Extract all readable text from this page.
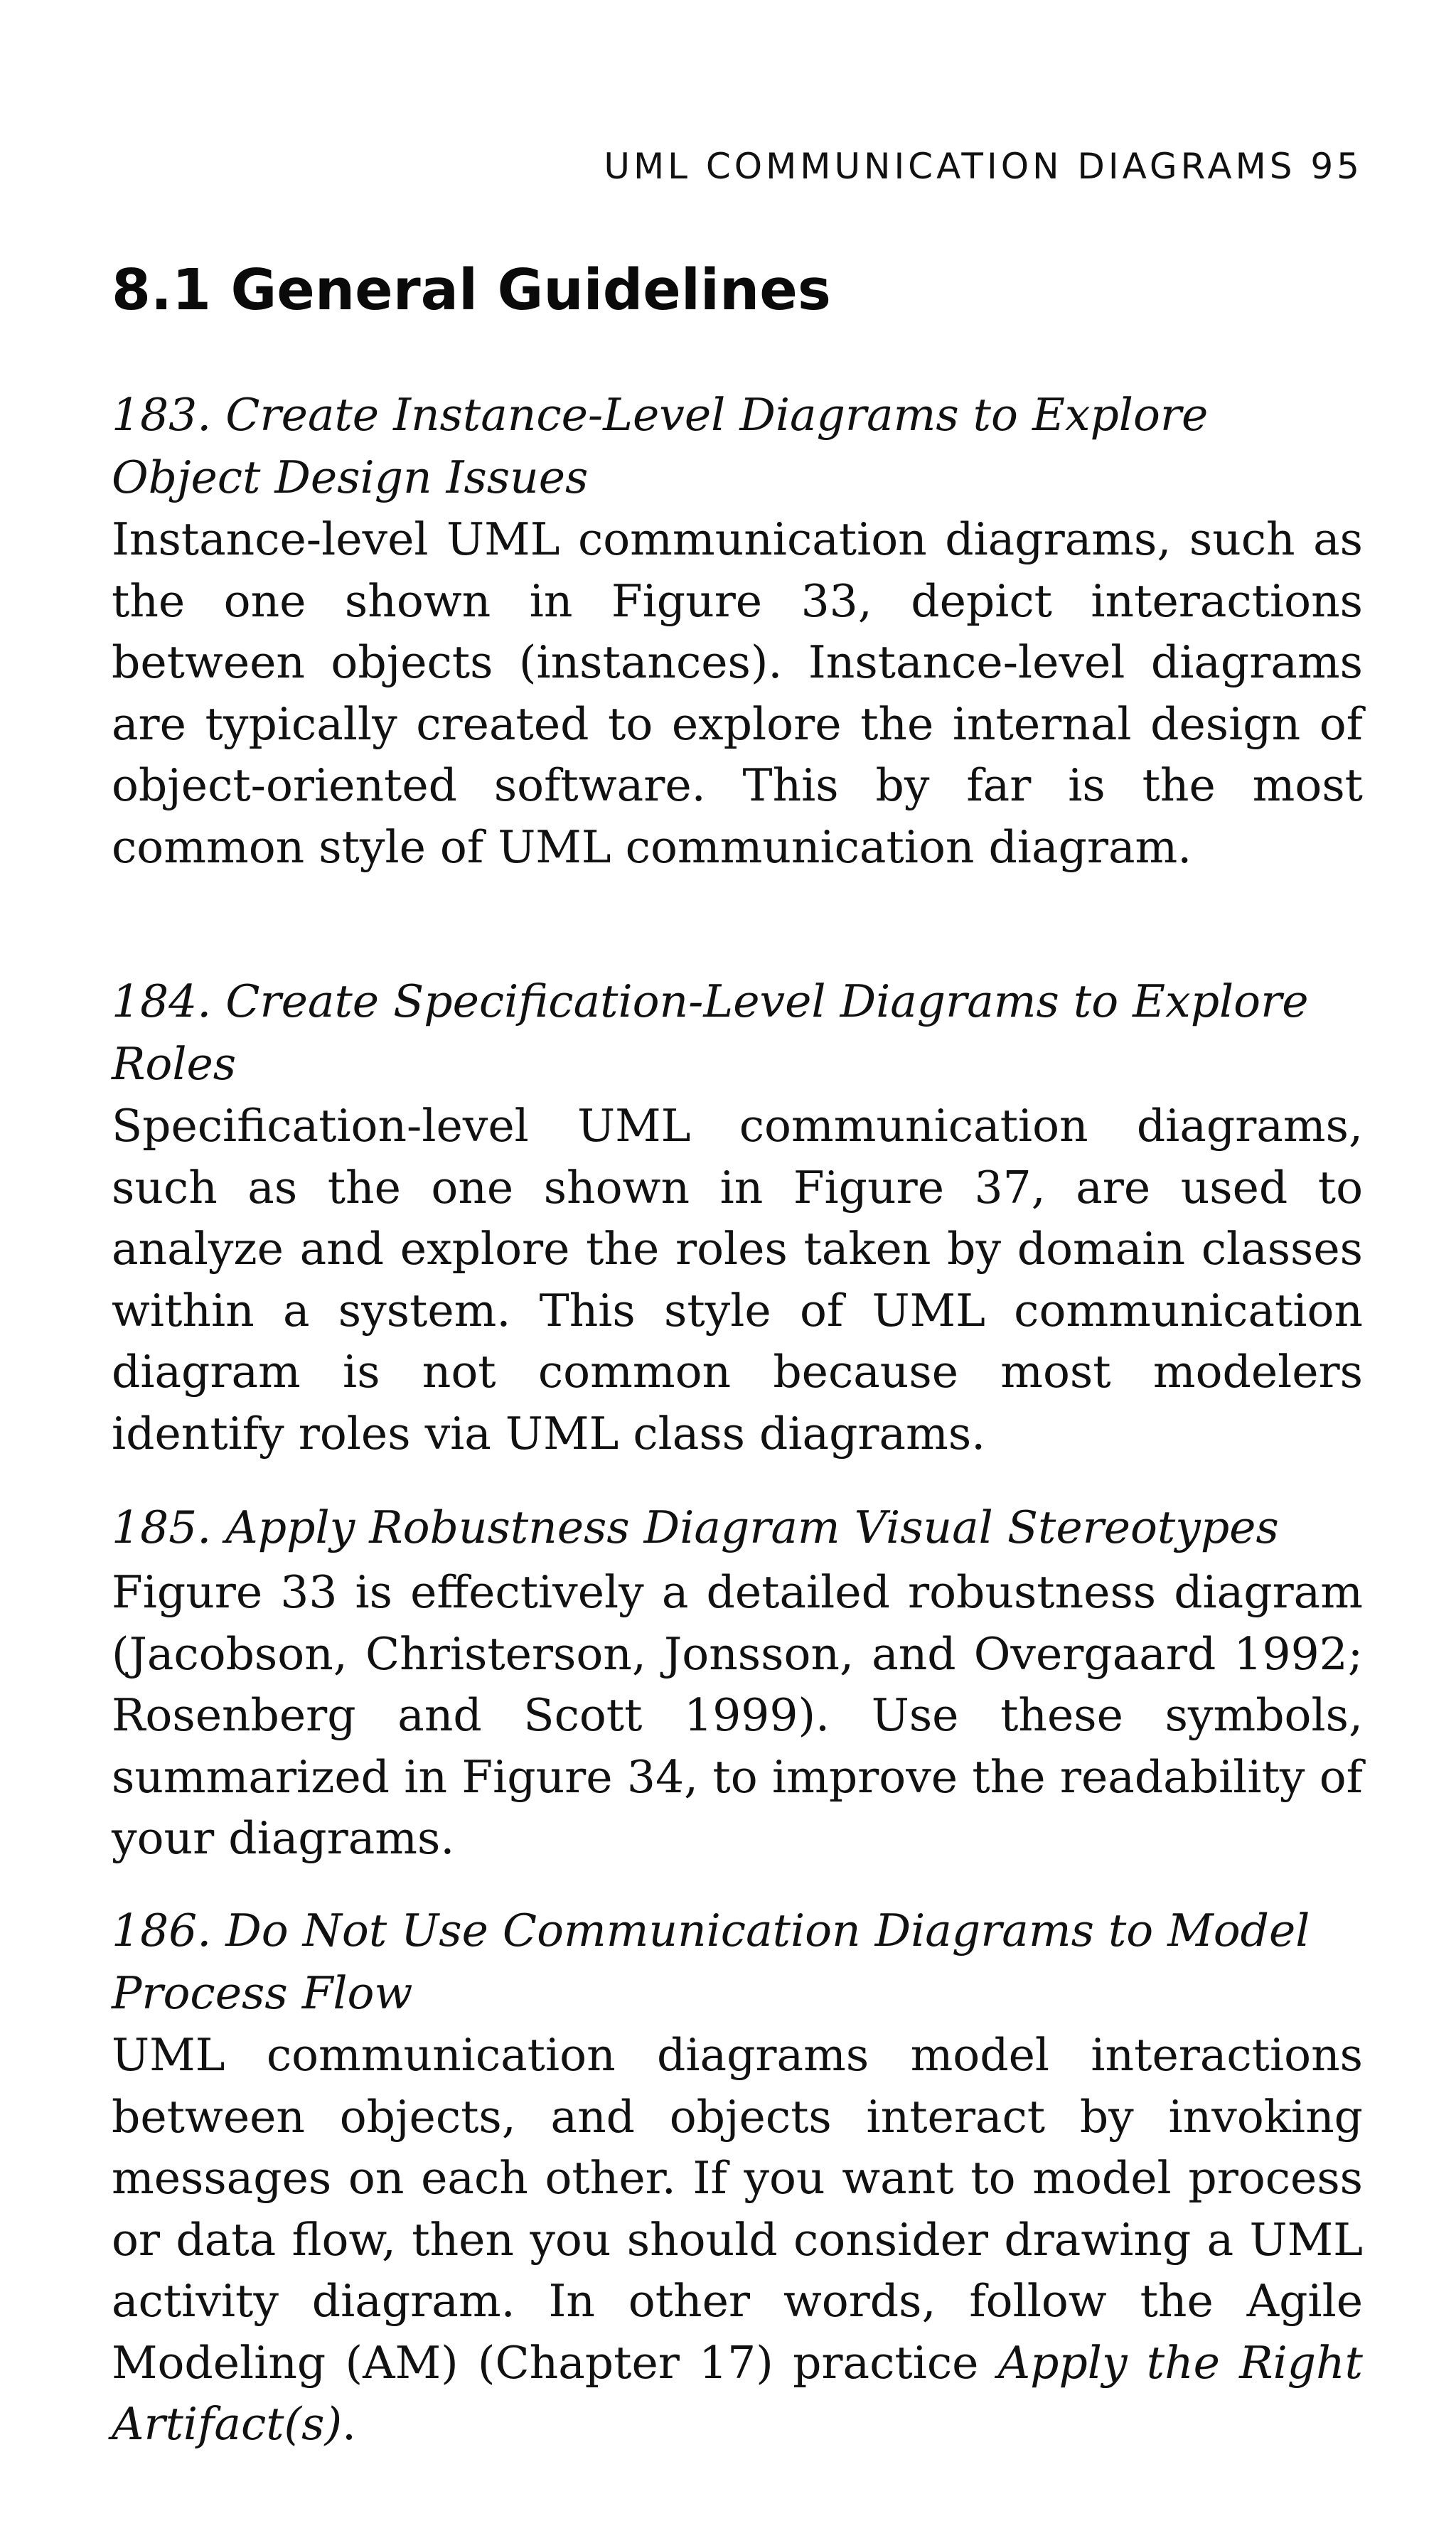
UML COMMUNICATION DIAGRAMS 95
8.1 General Guidelines
183. Create Instance-Level Diagrams to Explore Object Design Issues

Instance-level UML communication diagrams, such as the one shown in Figure 33, depict interactions between objects (instances). Instance-level diagrams are typically created to explore the internal design of object-oriented software. This by far is the most common style of UML communication diagram.

184. Create Specification-Level Diagrams to Explore Roles

Specification-level UML communication diagrams, such as the one shown in Figure 37, are used to analyze and explore the roles taken by domain classes within a system. This style of UML communication diagram is not common because most modelers identify roles via UML class diagrams.

185. Apply Robustness Diagram Visual Stereotypes

Figure 33 is effectively a detailed robustness diagram (Jacobson, Christerson, Jonsson, and Overgaard 1992; Rosenberg and Scott 1999). Use these symbols, summarized in Figure 34, to improve the readability of your diagrams.

186. Do Not Use Communication Diagrams to Model Process Flow

UML communication diagrams model interactions between objects, and objects interact by invoking messages on each other. If you want to model process or data flow, then you should consider drawing a UML activity diagram. In other words, follow the Agile Modeling (AM) (Chapter 17) practice Apply the Right Artifact(s).
